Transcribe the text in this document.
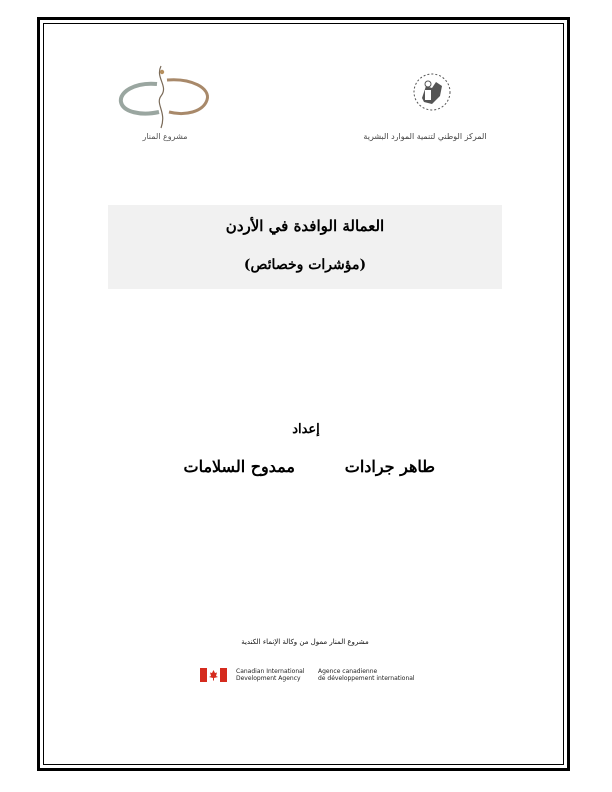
مشروع المنار	المركز الوطني لتنمية الموارد البشرية
العمالة الوافدة في الأردن
(مؤشرات وخصائص)
إعداد
طاهر جرادات
ممدوح السلامات
مشروع المنار ممول من وكالة الإنماء الكندية
Canadian International
Development Agency
Agence canadienne
de développement international
